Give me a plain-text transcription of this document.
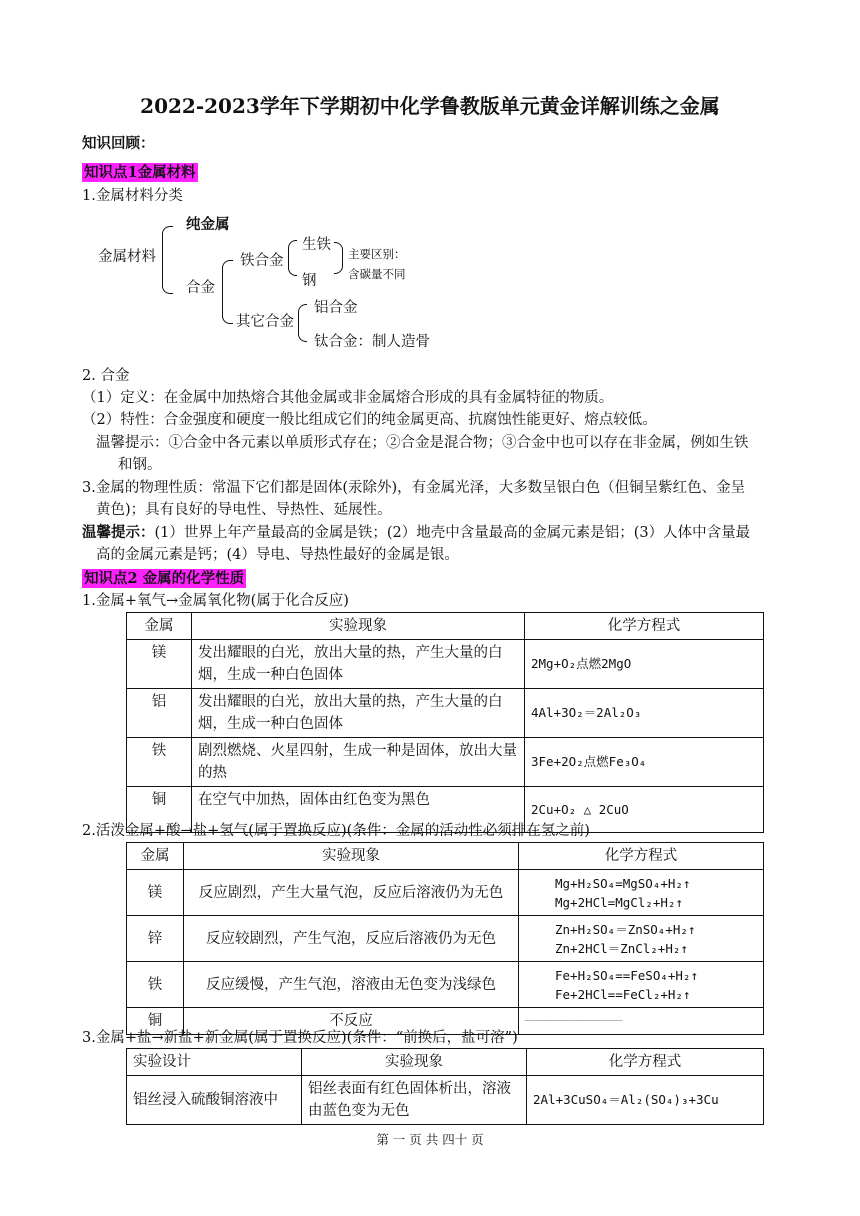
2022-2023学年下学期初中化学鲁教版单元黄金详解训练之金属
知识回顾：
知识点1金属材料
1.金属材料分类
金属材料
纯金属
合金
铁合金
生铁
钢
主要区别：
含碳量不同
其它合金
铝合金
钛合金：制人造骨
2. 合金
（1）定义：在金属中加热熔合其他金属或非金属熔合形成的具有金属特征的物质。
（2）特性：合金强度和硬度一般比组成它们的纯金属更高、抗腐蚀性能更好、熔点较低。
温馨提示：①合金中各元素以单质形式存在；②合金是混合物；③合金中也可以存在非金属，例如生铁
和钢。
3.金属的物理性质：常温下它们都是固体(汞除外)，有金属光泽，大多数呈银白色（但铜呈紫红色、金呈
黄色)；具有良好的导电性、导热性、延展性。
温馨提示：(1）世界上年产量最高的金属是铁；(2）地壳中含量最高的金属元素是铝；(3）人体中含量最
高的金属元素是钙；(4）导电、导热性最好的金属是银。
知识点2 金属的化学性质
1.金属+氧气→金属氧化物(属于化合反应)
金属	实验现象	化学方程式
镁	发出耀眼的白光，放出大量的热，产生大量的白烟，生成一种白色固体	2Mg+O₂点燃2MgO
铝	发出耀眼的白光，放出大量的热，产生大量的白烟，生成一种白色固体	4Al+3O₂＝2Al₂O₃
铁	剧烈燃烧、火星四射，生成一种是固体，放出大量的热	3Fe+2O₂点燃Fe₃O₄
铜	在空气中加热，固体由红色变为黑色	2Cu+O₂ △ 2CuO
2.活泼金属+酸→盐+氢气(属于置换反应)(条件：金属的活动性必须排在氢之前)
金属	实验现象	化学方程式
镁	反应剧烈，产生大量气泡，反应后溶液仍为无色	Mg+H₂SO₄=MgSO₄+H₂↑
Mg+2HCl=MgCl₂+H₂↑

锌	反应较剧烈，产生气泡，反应后溶液仍为无色	Zn+H₂SO₄＝ZnSO₄+H₂↑
Zn+2HCl＝ZnCl₂+H₂↑

铁	反应缓慢，产生气泡，溶液由无色变为浅绿色	Fe+H₂SO₄==FeSO₄+H₂↑
Fe+2HCl==FeCl₂+H₂↑

铜	不反应	——————————————————
3.金属+盐→新盐+新金属(属于置换反应)(条件：“前换后，盐可溶”)
实验设计	实验现象	化学方程式
铝丝浸入硫酸铜溶液中	铝丝表面有红色固体析出，溶液由蓝色变为无色	2Al+3CuSO₄＝Al₂(SO₄)₃+3Cu
第 一 页 共 四十 页
